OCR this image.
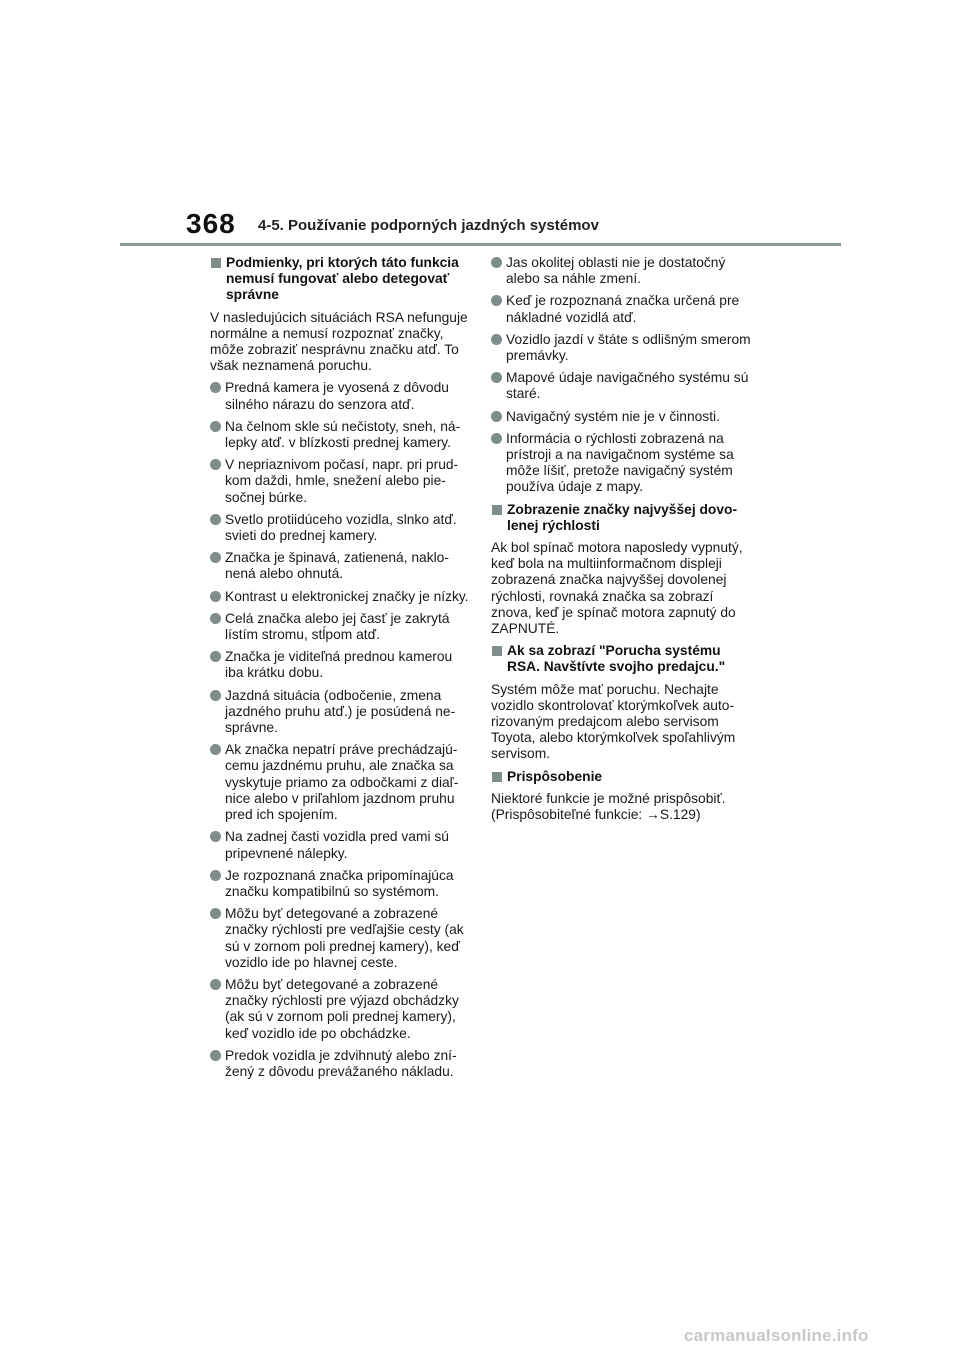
368 4-5. Používanie podporných jazdných systémov
Podmienky, pri ktorých táto funkcia nemusí fungovať alebo detegovať správne
V nasledujúcich situáciách RSA nefunguje normálne a nemusí rozpoznať značky, môže zobraziť nesprávnu značku atď. To však neznamená poruchu.
Predná kamera je vyosená z dôvodu silného nárazu do senzora atď.
Na čelnom skle sú nečistoty, sneh, nálepky atď. v blízkosti prednej kamery.
V nepriaznivom počasí, napr. pri prudkom daždi, hmle, snežení alebo piesočnej búrke.
Svetlo protiidúceho vozidla, slnko atď. svieti do prednej kamery.
Značka je špinavá, zatienená, naklonená alebo ohnutá.
Kontrast u elektronickej značky je nízky.
Celá značka alebo jej časť je zakrytá lístím stromu, stĺpom atď.
Značka je viditeľná prednou kamerou iba krátku dobu.
Jazdná situácia (odbočenie, zmena jazdného pruhu atď.) je posúdená nesprávne.
Ak značka nepatrí práve prechádzajúcemu jazdnému pruhu, ale značka sa vyskytuje priamo za odbočkami z diaľnice alebo v priľahlom jazdnom pruhu pred ich spojením.
Na zadnej časti vozidla pred vami sú pripevnené nálepky.
Je rozpoznaná značka pripomínajúca značku kompatibilnú so systémom.
Môžu byť detegované a zobrazené značky rýchlosti pre vedľajšie cesty (ak sú v zornom poli prednej kamery), keď vozidlo ide po hlavnej ceste.
Môžu byť detegované a zobrazené značky rýchlosti pre výjazd obchádzky (ak sú v zornom poli prednej kamery), keď vozidlo ide po obchádzke.
Predok vozidla je zdvihnutý alebo znížený z dôvodu prevážaného nákladu.
Jas okolitej oblasti nie je dostatočný alebo sa náhle zmení.
Keď je rozpoznaná značka určená pre nákladné vozidlá atď.
Vozidlo jazdí v štáte s odlišným smerom premávky.
Mapové údaje navigačného systému sú staré.
Navigačný systém nie je v činnosti.
Informácia o rýchlosti zobrazená na prístroji a na navigačnom systéme sa môže líšiť, pretože navigačný systém používa údaje z mapy.
Zobrazenie značky najvyššej dovolenej rýchlosti
Ak bol spínač motora naposledy vypnutý, keď bola na multiinformačnom displeji zobrazená značka najvyššej dovolenej rýchlosti, rovnaká značka sa zobrazí znova, keď je spínač motora zapnutý do ZAPNUTÉ.
Ak sa zobrazí "Porucha systému RSA. Navštívte svojho predajcu."
Systém môže mať poruchu. Nechajte vozidlo skontrolovať ktorýmkoľvek autorizovaným predajcom alebo servisom Toyota, alebo ktorýmkoľvek spoľahlivým servisom.
Prispôsobenie
Niektoré funkcie je možné prispôsobiť. (Prispôsobiteľné funkcie: →S.129)
carmanualsonline.info
